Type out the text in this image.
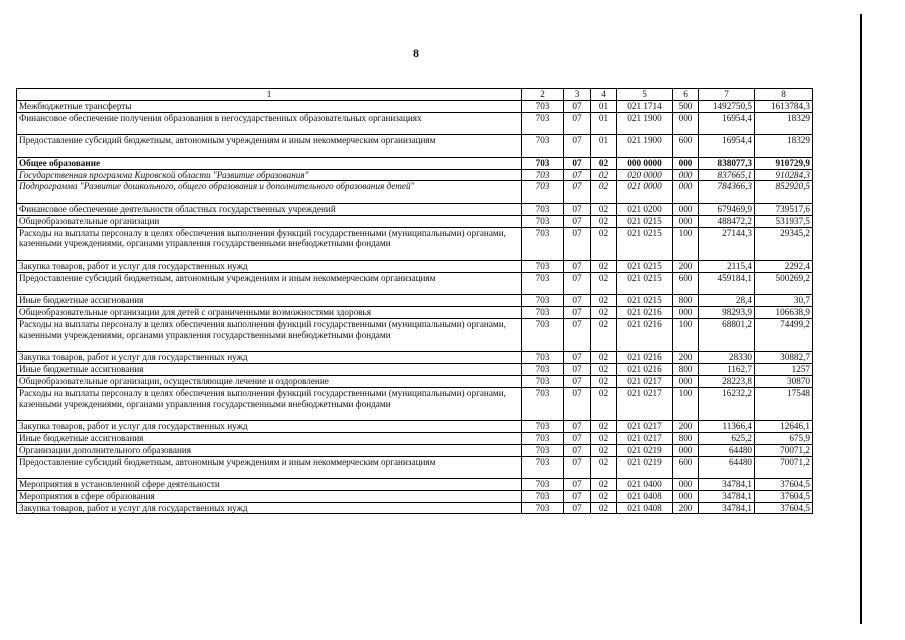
8
1	2	3	4	5	6	7	8
Межбюджетные трансферты	703	07	01	021 1714	500	1492750,5	1613784,3
Финансовое обеспечение получения образования в негосударственных образовательных организациях	703	07	01	021 1900	000	16954,4	18329
Предоставление субсидий бюджетным, автономным учреждениям и иным некоммерческим организациям	703	07	01	021 1900	600	16954,4	18329
Общее образование	703	07	02	000 0000	000	838077,3	910729,9
Государственная программа Кировской области "Развитие образования"	703	07	02	020 0000	000	837665,1	910284,3
Подпрограмма "Развитие дошкольного, общего образования и дополнительного образования детей"	703	07	02	021 0000	000	784366,3	852920,5
Финансовое обеспечение деятельности областных государственных учреждений	703	07	02	021 0200	000	679469,9	739517,6
Общеобразовательные организации	703	07	02	021 0215	000	488472,2	531937,5
Расходы на выплаты персоналу в целях обеспечения выполнения функций государственными (муниципальными) органами, казенными учреждениями, органами управления государственными внебюджетными фондами	703	07	02	021 0215	100	27144,3	29345,2
Закупка товаров, работ и услуг для государственных нужд	703	07	02	021 0215	200	2115,4	2292,4
Предоставление субсидий бюджетным, автономным учреждениям и иным некоммерческим организациям	703	07	02	021 0215	600	459184,1	500269,2
Иные бюджетные ассигнования	703	07	02	021 0215	800	28,4	30,7
Общеобразовательные организации для детей с ограниченными возможностями здоровья	703	07	02	021 0216	000	98293,9	106638,9
Расходы на выплаты персоналу в целях обеспечения выполнения функций государственными (муниципальными) органами, казенными учреждениями, органами управления государственными внебюджетными фондами	703	07	02	021 0216	100	68801,2	74499,2
Закупка товаров, работ и услуг для государственных нужд	703	07	02	021 0216	200	28330	30882,7
Иные бюджетные ассигнования	703	07	02	021 0216	800	1162,7	1257
Общеобразовательные организации, осуществляющие лечение и оздоровление	703	07	02	021 0217	000	28223,8	30870
Расходы на выплаты персоналу в целях обеспечения выполнения функций государственными (муниципальными) органами, казенными учреждениями, органами управления государственными внебюджетными фондами	703	07	02	021 0217	100	16232,2	17548
Закупка товаров, работ и услуг для государственных нужд	703	07	02	021 0217	200	11366,4	12646,1
Иные бюджетные ассигнования	703	07	02	021 0217	800	625,2	675,9
Организации дополнительного образования	703	07	02	021 0219	000	64480	70071,2
Предоставление субсидий бюджетным, автономным учреждениям и иным некоммерческим организациям	703	07	02	021 0219	600	64480	70071,2
Мероприятия в установленной сфере деятельности	703	07	02	021 0400	000	34784,1	37604,5
Мероприятия в сфере образования	703	07	02	021 0408	000	34784,1	37604,5
Закупка товаров, работ и услуг для государственных нужд	703	07	02	021 0408	200	34784,1	37604,5
